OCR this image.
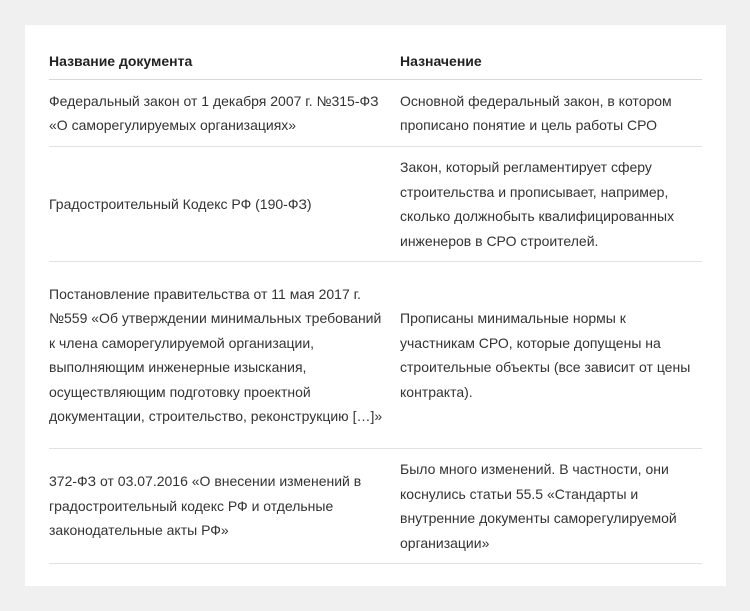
Название документа	Назначение
Федеральный закон от 1 декабря 2007 г. №315-ФЗ «О саморегулируемых организациях»	Основной федеральный закон, в котором прописано понятие и цель работы СРО
Градостроительный Кодекс РФ (190-ФЗ)	Закон, который регламентирует сферу строительства и прописывает, например, сколько должнобыть квалифицированных инженеров в СРО строителей.
Постановление правительства от 11 мая 2017 г. №559 «Об утверждении минимальных требований к члена саморегулируемой организации, выполняющим инженерные изыскания, осуществляющим подготовку проектной документации, строительство, реконструкцию […]»	Прописаны минимальные нормы к участникам СРО, которые допущены на строительные объекты (все зависит от цены контракта).
372-ФЗ от 03.07.2016 «О внесении изменений в градостроительный кодекс РФ и отдельные законодательные акты РФ»	Было много изменений. В частности, они коснулись статьи 55.5 «Стандарты и внутренние документы саморегулируемой организации»
